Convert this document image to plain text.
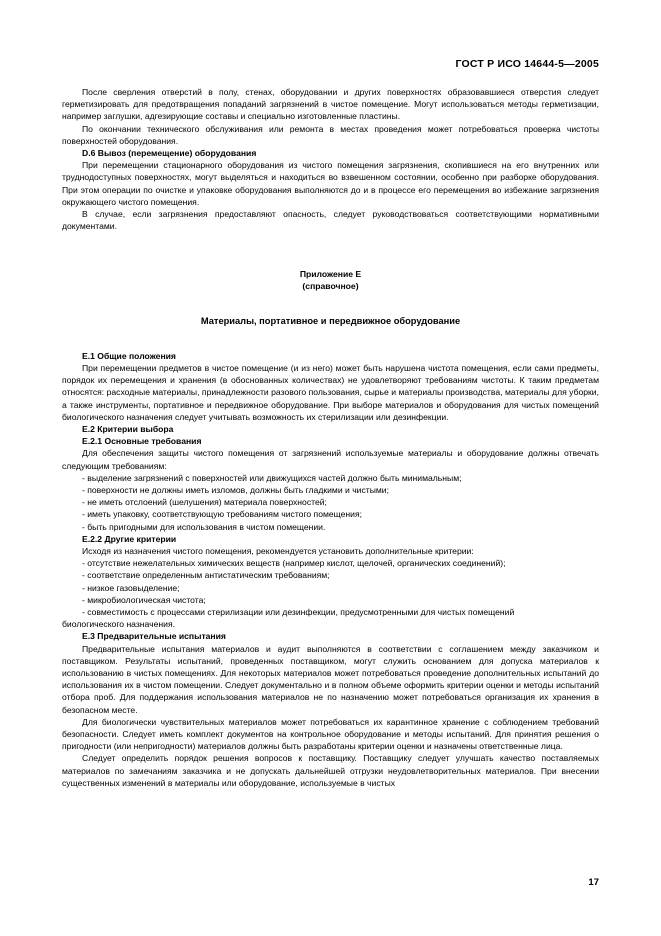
ГОСТ Р ИСО 14644-5—2005

После сверления отверстий в полу, стенах, оборудовании и других поверхностях образовавшиеся отверстия следует герметизировать для предотвращения попаданий загрязнений в чистое помещение. Могут использоваться методы герметизации, например заглушки, адгезирующие составы и специально изготовленные пластины.

По окончании технического обслуживания или ремонта в местах проведения может потребоваться проверка чистоты поверхностей оборудования.

D.6 Вывоз (перемещение) оборудования

При перемещении стационарного оборудования из чистого помещения загрязнения, скопившиеся на его внутренних или труднодоступных поверхностях, могут выделяться и находиться во взвешенном состоянии, особенно при разборке оборудования. При этом операции по очистке и упаковке оборудования выполняются до и в процессе его перемещения во избежание загрязнения окружающего чистого помещения.

В случае, если загрязнения предоставляют опасность, следует руководствоваться соответствующими нормативными документами.

Приложение Е

(справочное)

Материалы, портативное и передвижное оборудование

Е.1 Общие положения

При перемещении предметов в чистое помещение (и из него) может быть нарушена чистота помещения, если сами предметы, порядок их перемещения и хранения (в обоснованных количествах) не удовлетворяют требованиям чистоты. К таким предметам относятся: расходные материалы, принадлежности разового пользования, сырье и материалы производства, материалы для уборки, а также инструменты, портативное и передвижное оборудование. При выборе материалов и оборудования для чистых помещений биологического назначения следует учитывать возможность их стерилизации или дезинфекции.

Е.2 Критерии выбора

Е.2.1 Основные требования

Для обеспечения защиты чистого помещения от загрязнений используемые материалы и оборудование должны отвечать следующим требованиям:

- выделение загрязнений с поверхностей или движущихся частей должно быть минимальным;

- поверхности не должны иметь изломов, должны быть гладкими и чистыми;

- не иметь отслоений (шелушения) материала поверхностей;

- иметь упаковку, соответствующую требованиям чистого помещения;

- быть пригодными для использования в чистом помещении.

Е.2.2 Другие критерии

Исходя из назначения чистого помещения, рекомендуется установить дополнительные критерии:

- отсутствие нежелательных химических веществ (например кислот, щелочей, органических соединений);

- соответствие определенным антистатическим требованиям;

- низкое газовыделение;

- микробиологическая чистота;

- совместимость с процессами стерилизации или дезинфекции, предусмотренными для чистых помещений

биологического назначения.

Е.3 Предварительные испытания

Предварительные испытания материалов и аудит выполняются в соответствии с соглашением между заказчиком и поставщиком. Результаты испытаний, проведенных поставщиком, могут служить основанием для допуска материалов к использованию в чистых помещениях. Для некоторых материалов может потребоваться проведение дополнительных испытаний до использования их в чистом помещении. Следует документально и в полном объеме оформить критерии оценки и методы испытаний отбора проб. Для поддержания использования материалов не по назначению может потребоваться организация их хранения в безопасном месте.

Для биологически чувствительных материалов может потребоваться их карантинное хранение с соблюдением требований безопасности. Следует иметь комплект документов на контрольное оборудование и методы испытаний. Для принятия решения о пригодности (или непригодности) материалов должны быть разработаны критерии оценки и назначены ответственные лица.

Следует определить порядок решения вопросов к поставщику. Поставщику следует улучшать качество поставляемых материалов по замечаниям заказчика и не допускать дальнейшей отгрузки неудовлетворительных материалов. При внесении существенных изменений в материалы или оборудование, используемые в чистых

17
